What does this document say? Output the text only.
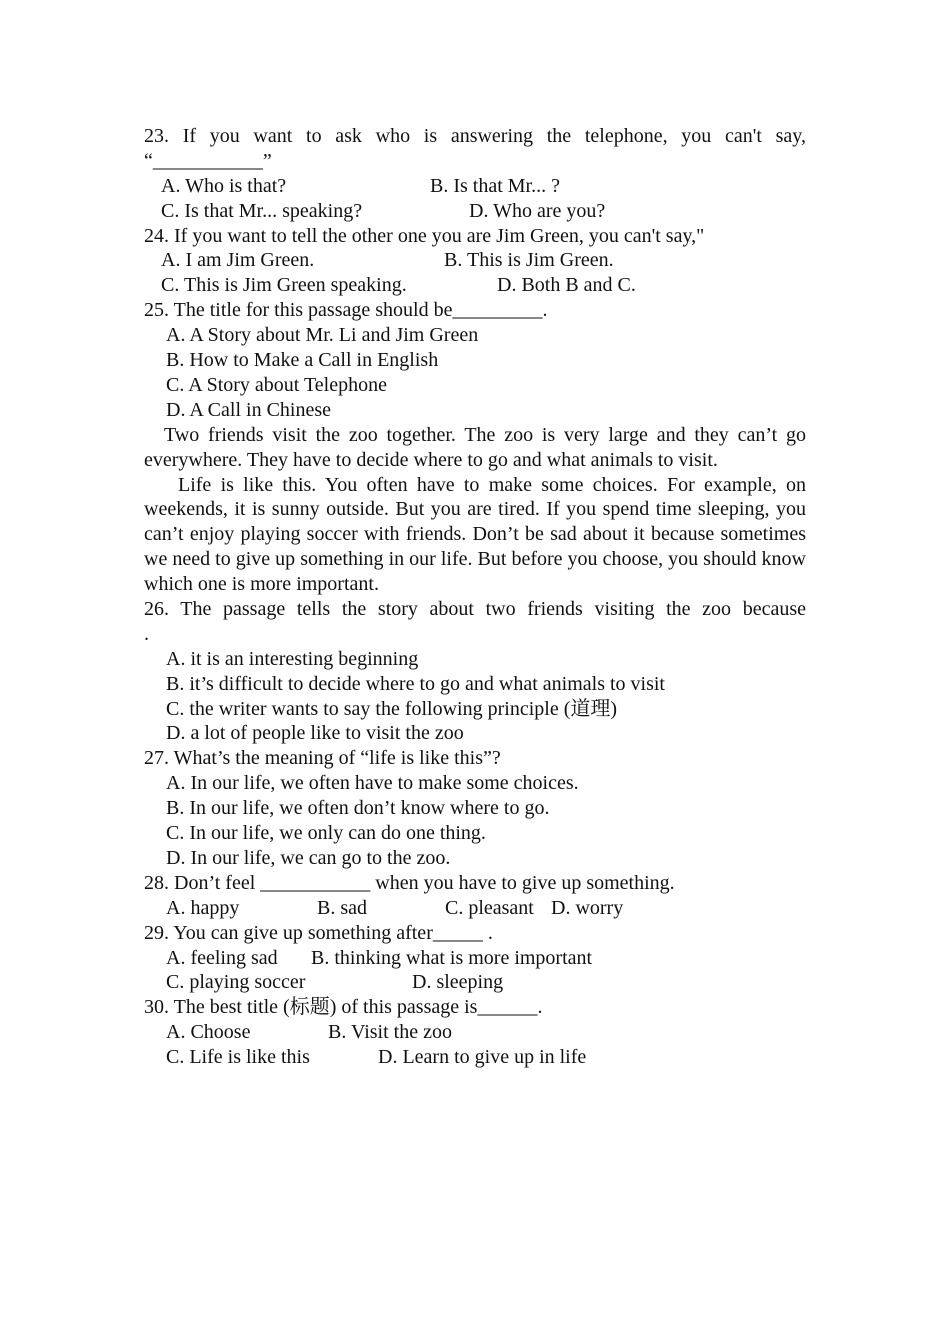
23. If you want to ask who is answering the telephone, you can't say,
“___________”
A. Who is that?	B. Is that Mr... ?
C. Is that Mr... speaking?	D. Who are you?
24. If you want to tell the other one you are Jim Green, you can't say,"
A. I am Jim Green.	B. This is Jim Green.
C. This is Jim Green speaking.	D. Both B and C.
25. The title for this passage should be_________.
A. A Story about Mr. Li and Jim Green
B. How to Make a Call in English
C. A Story about Telephone
D. A Call in Chinese
Two friends visit the zoo together. The zoo is very large and they can’t go everywhere. They have to decide where to go and what animals to visit.
Life is like this. You often have to make some choices. For example, on weekends, it is sunny outside. But you are tired. If you spend time sleeping, you can’t enjoy playing soccer with friends. Don’t be sad about it because sometimes we need to give up something in our life. But before you choose, you should know which one is more important.
26. The passage tells the story about two friends visiting the zoo because
.
A. it is an interesting beginning
B. it’s difficult to decide where to go and what animals to visit
C. the writer wants to say the following principle (道理)
D. a lot of people like to visit the zoo
27. What’s the meaning of “life is like this”?
A. In our life, we often have to make some choices.
B. In our life, we often don’t know where to go.
C. In our life, we only can do one thing.
D. In our life, we can go to the zoo.
28. Don’t feel ___________ when you have to give up something.
A. happy	B. sad	C. pleasant D. worry
29. You can give up something after_____ .
A. feeling sad B. thinking what is more important
C. playing soccer	D. sleeping
30. The best title (标题) of this passage is______.
A. Choose	B. Visit the zoo
C. Life is like this	D. Learn to give up in life
